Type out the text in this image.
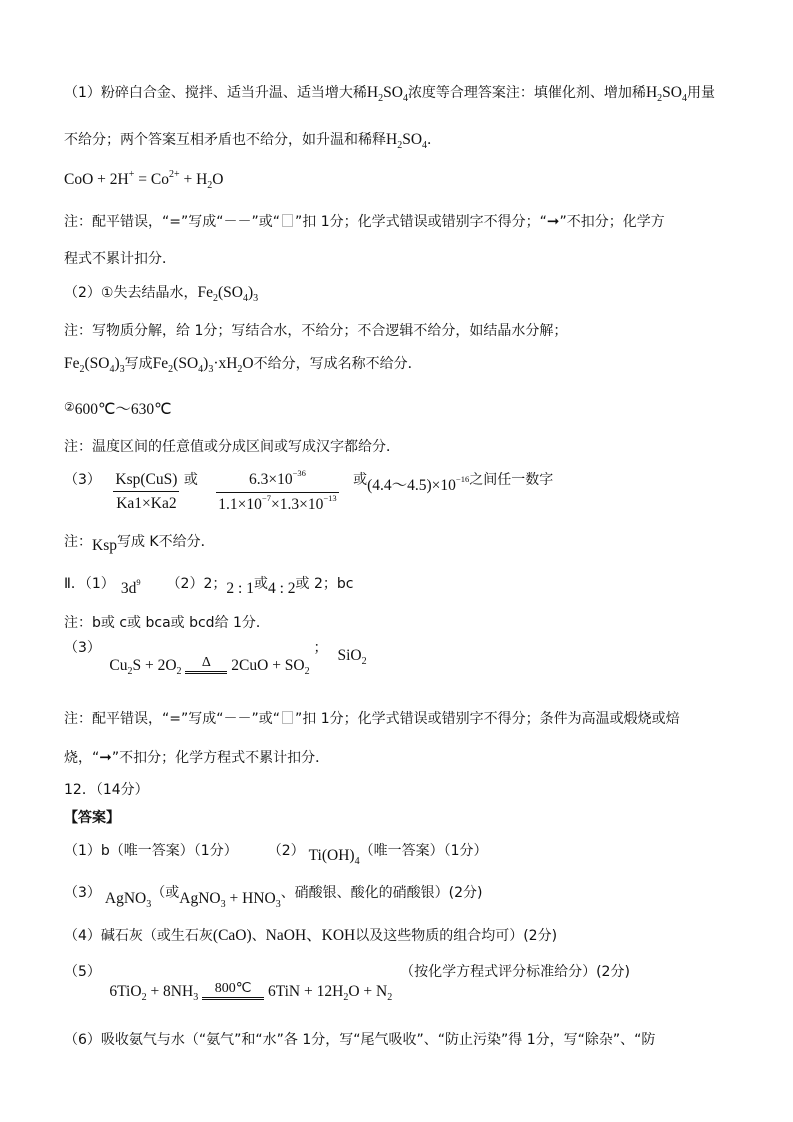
（1）粉碎白合金、搅拌、适当升温、适当增大稀$H_2SO_4$浓度等合理答案注：填催化剂、增加稀$H_2SO_4$用量
不给分；两个答案互相矛盾也不给分，如升温和稀释$H_2SO_4$．
CoO + $2H^+ = Co^{2+} + H_2O$
注：配平错误，“=”写成“－－”或“ ”扣 1分；化学式错误或错别字不得分；“➞”不扣分；化学方
程式不累计扣分．
（2）①失去结晶水，$Fe_2(SO_4)_3$
注：写物质分解，给 1分；写结合水，不给分；不合逻辑不给分，如结晶水分解；
$Fe_2(SO_4)_3$写成$Fe_2(SO_4)_3\cdot xH_2O$不给分，写成名称不给分．
②600℃～630℃
注：温度区间的任意值或分成区间或写成汉字都给分．
$(3) \frac{\text{Ksp(CuS)}}{Ka1\times Ka2}$ 或 $\frac{6.3\times 10^{-36}}{1.1\times 10^{-7}\times 1.3\times 10^{-13}}$ 或$(4.4\sim 4.5)\times 10^{-16}$之间任一数字
注：Ksp写成 K不给分．
Ⅱ．（1） $3d^9$ （2）2；2 : 1或4 : 2或 2；bc
注：b或 c或 bca或 bcd给 1分．
（3） $Cu_2S + 2O_2$
Δ	$2CuO + SO_2$ ； SiO$_2$
注：配平错误，“=”写成“－－”或“ ”扣 1分；化学式错误或错别字不得分；条件为高温或煅烧或焙
烧，“➞”不扣分；化学方程式不累计扣分．
12．（14分）
【答案】
（1）b（唯一答案）（1分） （2） $Ti(OH)_4$（唯一答案）（1分）
（3） AgNO$_3$（或AgNO$_3$ + $HNO_3$、硝酸银、酸化的硝酸银）(2分)
（4）碱石灰（或生石灰(CaO)、NaOH、KOH以及这些物质的组合均可）(2分)
（5） $6TiO_2 + 8NH_3$
800℃	$6TiN + 12H_2O + N_2$ （按化学方程式评分标准给分）(2分)
（6）吸收氨气与水（“氨气”和“水”各 1分，写“尾气吸收”、“防止污染”得 1分，写“除杂”、“防
